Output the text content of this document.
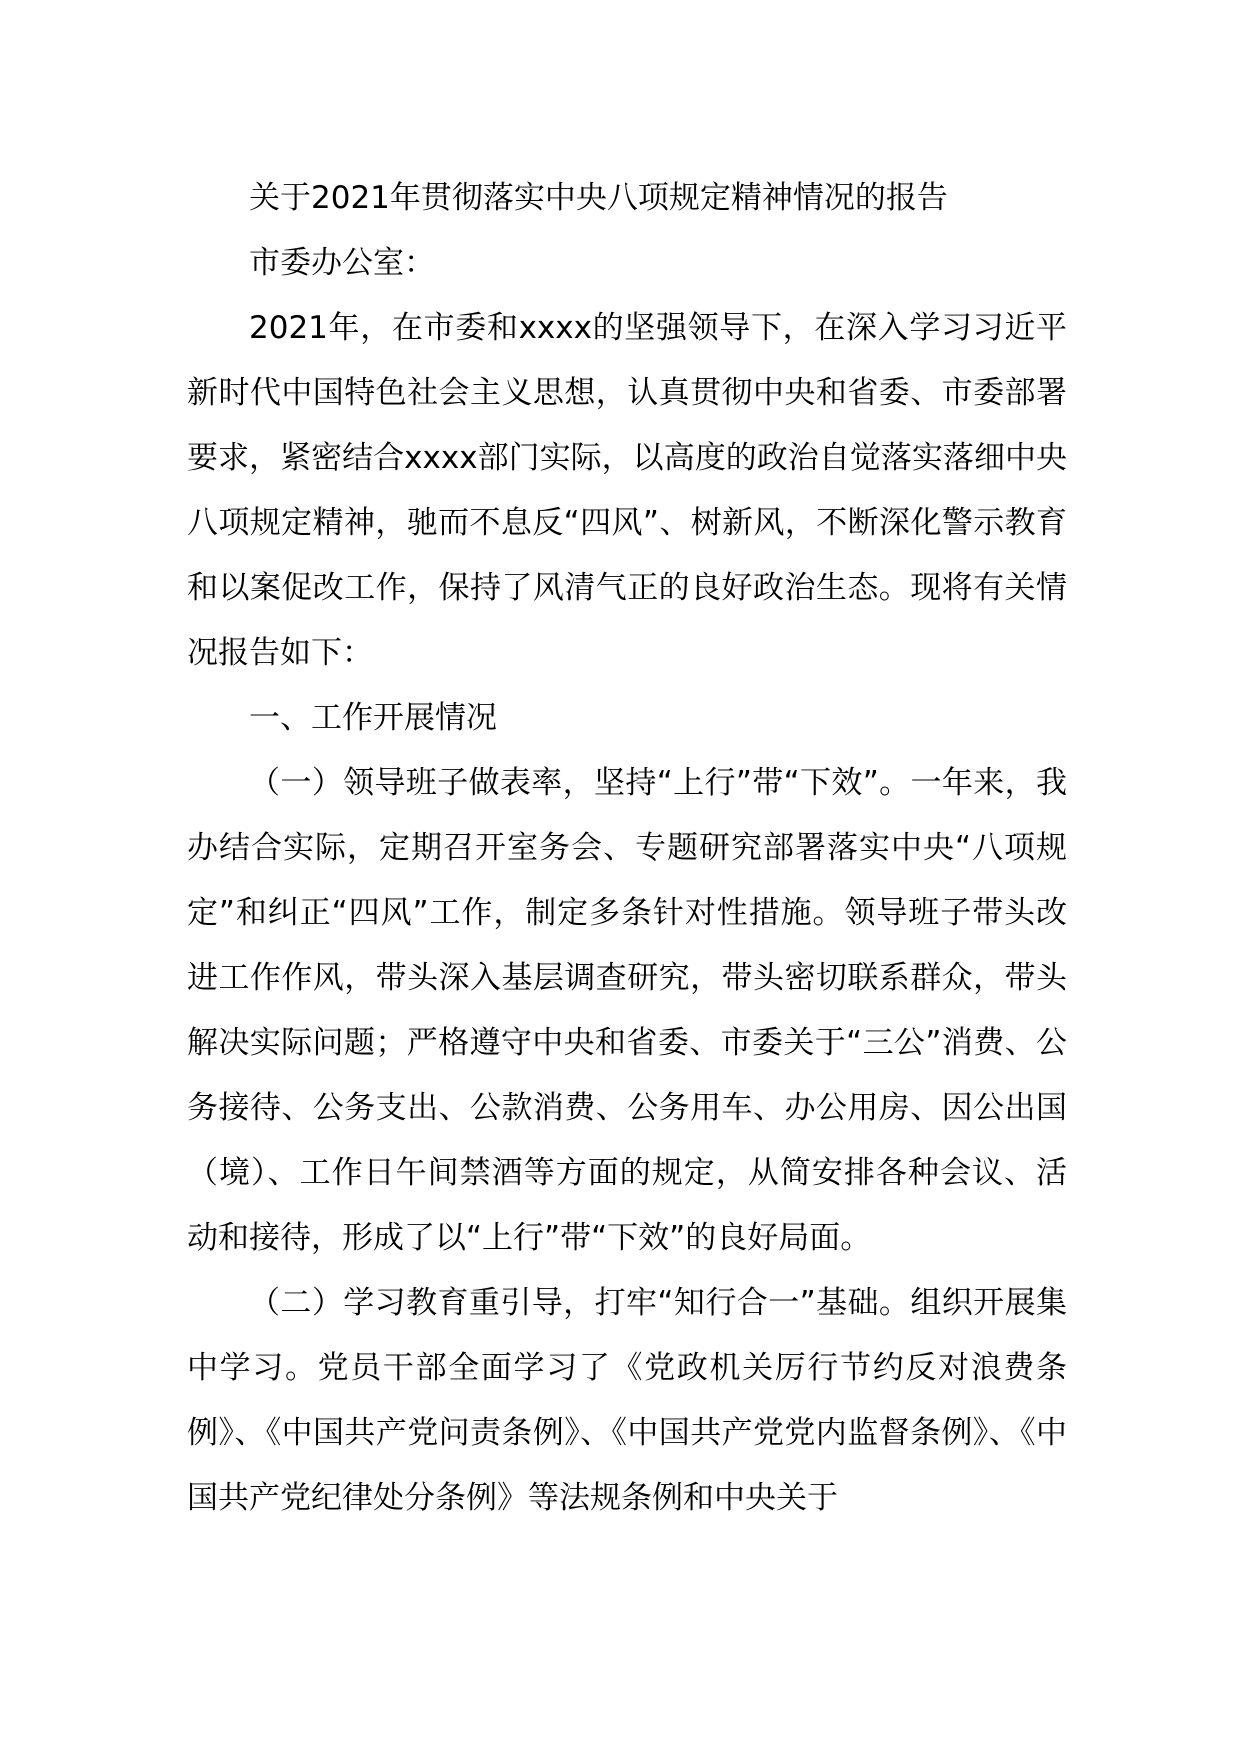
关于2021年贯彻落实中央八项规定精神情况的报告

市委办公室：

2021年，在市委和xxxx的坚强领导下，在深入学习习近平新时代中国特色社会主义思想，认真贯彻中央和省委、市委部署要求，紧密结合xxxx部门实际，以高度的政治自觉落实落细中央八项规定精神，驰而不息反“四风”、树新风，不断深化警示教育和以案促改工作，保持了风清气正的良好政治生态。现将有关情况报告如下：

一、工作开展情况

（一）领导班子做表率，坚持“上行”带“下效”。一年来，我办结合实际，定期召开室务会、专题研究部署落实中央“八项规定”和纠正“四风”工作，制定多条针对性措施。领导班子带头改进工作作风，带头深入基层调查研究，带头密切联系群众，带头解决实际问题；严格遵守中央和省委、市委关于“三公”消费、公务接待、公务支出、公款消费、公务用车、办公用房、因公出国（境）、工作日午间禁酒等方面的规定，从简安排各种会议、活动和接待，形成了以“上行”带“下效”的良好局面。

（二）学习教育重引导，打牢“知行合一”基础。组织开展集中学习。党员干部全面学习了《党政机关厉行节约反对浪费条例》、《中国共产党问责条例》、《中国共产党党内监督条例》、《中国共产党纪律处分条例》等法规条例和中央关于
